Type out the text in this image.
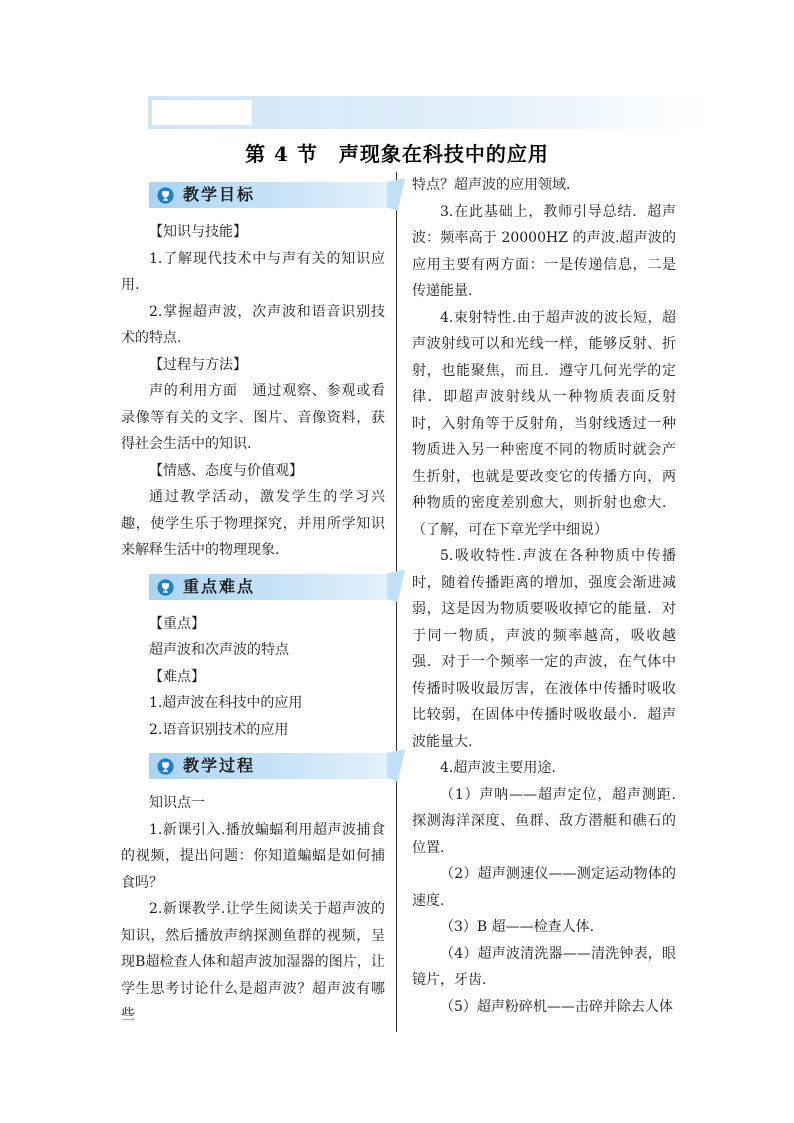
第 4 节　声现象在科技中的应用
教学目标

【知识与技能】

1.了解现代技术中与声有关的知识应用.

2.掌握超声波，次声波和语音识别技术的特点.

【过程与方法】

声的利用方面　通过观察、参观或看录像等有关的文字、图片、音像资料，获得社会生活中的知识.

【情感、态度与价值观】

通过教学活动，激发学生的学习兴趣，使学生乐于物理探究，并用所学知识来解释生活中的物理现象.

重点难点

【重点】

超声波和次声波的特点

【难点】

1.超声波在科技中的应用

2.语音识别技术的应用

教学过程

知识点一

1.新课引入.播放蝙蝠利用超声波捕食的视频，提出问题：你知道蝙蝠是如何捕食吗？

2.新课教学.让学生阅读关于超声波的知识，然后播放声纳探测鱼群的视频，呈现B超检查人体和超声波加湿器的图片，让学生思考讨论什么是超声波？超声波有哪些

特点？超声波的应用领域.

3.在此基础上，教师引导总结．超声波：频率高于 20000HZ 的声波.超声波的应用主要有两方面：一是传递信息，二是传递能量.

4.束射特性.由于超声波的波长短，超声波射线可以和光线一样，能够反射、折射，也能聚焦，而且．遵守几何光学的定律．即超声波射线从一种物质表面反射时，入射角等于反射角，当射线透过一种物质进入另一种密度不同的物质时就会产生折射，也就是要改变它的传播方向，两种物质的密度差别愈大，则折射也愈大．（了解，可在下章光学中细说）

5.吸收特性.声波在各种物质中传播时，随着传播距离的增加，强度会渐进减弱，这是因为物质要吸收掉它的能量．对于同一物质，声波的频率越高，吸收越强．对于一个频率一定的声波，在气体中传播时吸收最厉害，在液体中传播时吸收比较弱，在固体中传播时吸收最小．超声波能量大.

4.超声波主要用途.

（1）声呐——超声定位，超声测距.探测海洋深度、鱼群、敌方潜艇和礁石的位置.

（2）超声测速仪——测定运动物体的速度.

（3）B 超——检查人体.

（4）超声波清洗器——清洗钟表，眼镜片，牙齿.

（5）超声粉碎机——击碎并除去人体
